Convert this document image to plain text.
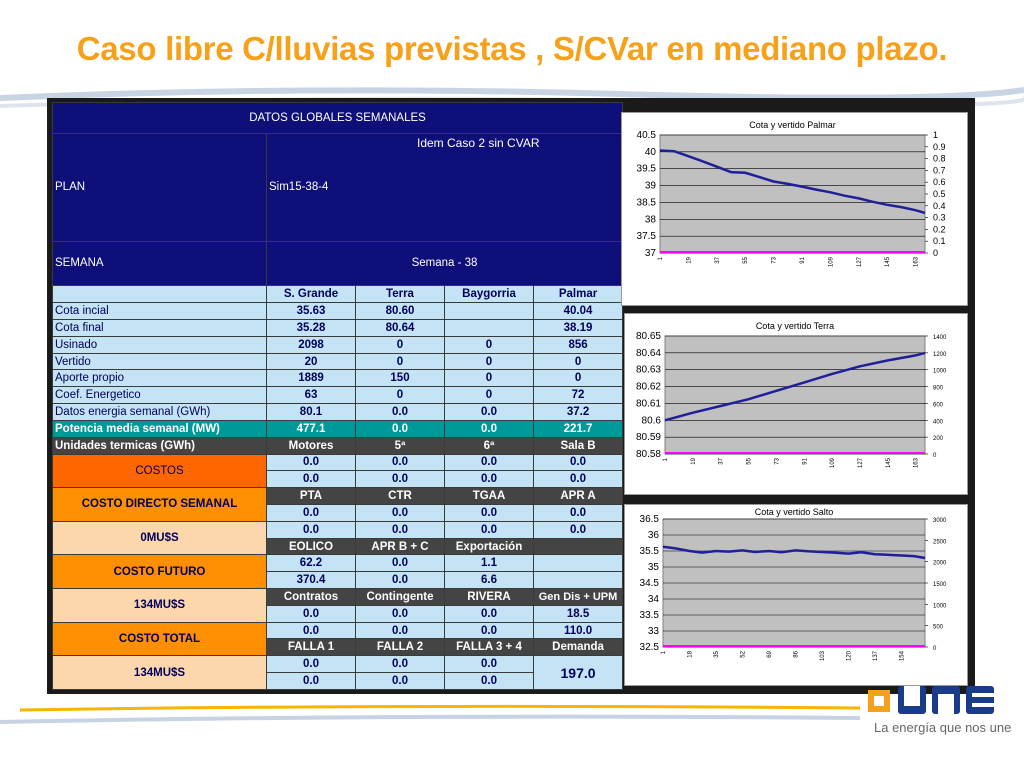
Caso libre C/lluvias previstas , S/CVar en mediano plazo.
DATOS GLOBALES SEMANALES				
PLAN	Idem Caso 2 sin CVAR
Sim15-38-4			
SEMANA	Semana - 38			
	S. Grande	Terra	Baygorria	Palmar
Cota incial	35.63	80.60		40.04
Cota final	35.28	80.64		38.19
Usinado	2098	0	0	856
Vertido	20	0	0	0
Aporte propio	1889	150	0	0
Coef. Energetico	63	0	0	72
Datos energia semanal (GWh)	80.1	0.0	0.0	37.2
Potencia media semanal (MW)	477.1	0.0	0.0	221.7
Unidades termicas (GWh)	Motores	5ª	6ª	Sala B
COSTOS	0.0	0.0	0.0	0.0
	0.0	0.0	0.0	0.0
COSTO DIRECTO SEMANAL	PTA	CTR	TGAA	APR A
	0.0	0.0	0.0	0.0
0MU$S	0.0	0.0	0.0	0.0
	EOLICO	APR B + C	Exportación	
COSTO FUTURO	62.2	0.0	1.1	
	370.4	0.0	6.6	
134MU$S	Contratos	Contingente	RIVERA	Gen Dis + UPM
	0.0	0.0	0.0	18.5
COSTO TOTAL	0.0	0.0	0.0	110.0
	FALLA 1	FALLA 2	FALLA 3 + 4	Demanda
134MU$S	0.0	0.0	0.0	197.0
	0.0	0.0	0.0	
Cota y vertido Palmar
40.5
40
39.5
39
38.5
38
37.5
37
1
0.9
0.8
0.7
0.6
0.5
0.4
0.3
0.2
0.1
0
1	19	37	55	73	91	109	127	145	163
Cota y vertido Terra
80.65
80.64
80.63
80.62
80.61
80.6
80.59
80.58
1400
1200
1000
800
600
400
200
0
1	19	37	55	73	91	109	127	145	163
Cota y vertido Salto
36.5
36
35.5
35
34.5
34
33.5
33
32.5
3000
2500
2000
1500
1000
500
0
1	18	35	52	69	86	103	120	137	154
La energía que nos une
